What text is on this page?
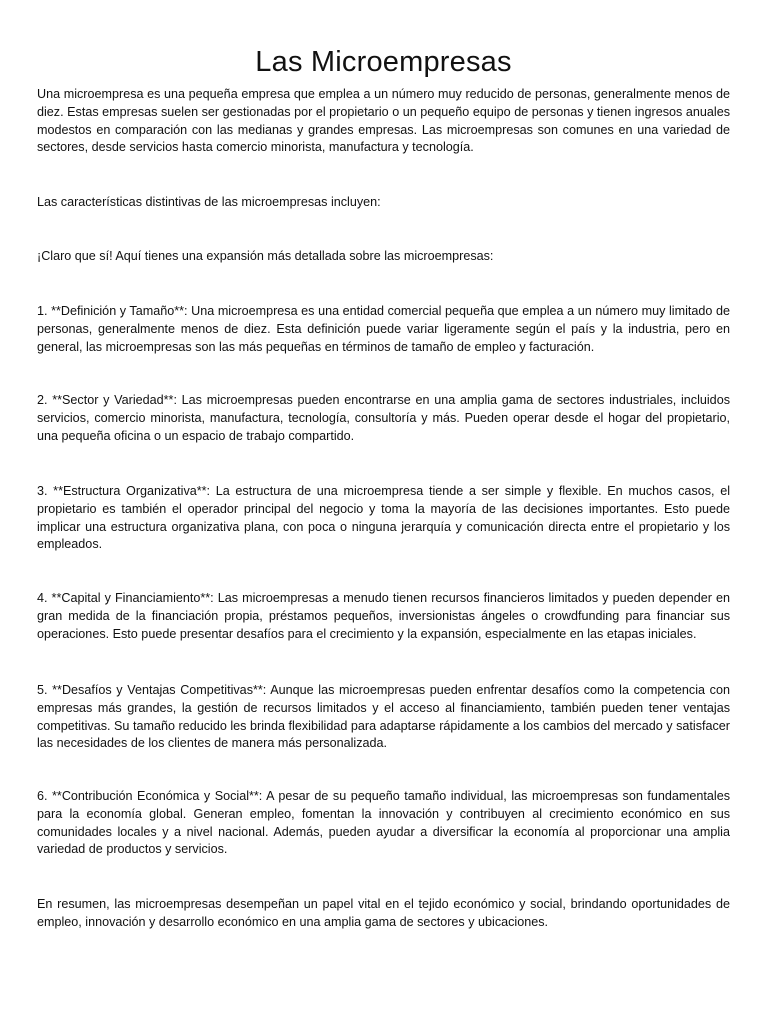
Las Microempresas

Una microempresa es una pequeña empresa que emplea a un número muy reducido de personas, generalmente menos de diez. Estas empresas suelen ser gestionadas por el propietario o un pequeño equipo de personas y tienen ingresos anuales modestos en comparación con las medianas y grandes empresas. Las microempresas son comunes en una variedad de sectores, desde servicios hasta comercio minorista, manufactura y tecnología.

Las características distintivas de las microempresas incluyen:

¡Claro que sí! Aquí tienes una expansión más detallada sobre las microempresas:

1. **Definición y Tamaño**: Una microempresa es una entidad comercial pequeña que emplea a un número muy limitado de personas, generalmente menos de diez. Esta definición puede variar ligeramente según el país y la industria, pero en general, las microempresas son las más pequeñas en términos de tamaño de empleo y facturación.

2. **Sector y Variedad**: Las microempresas pueden encontrarse en una amplia gama de sectores industriales, incluidos servicios, comercio minorista, manufactura, tecnología, consultoría y más. Pueden operar desde el hogar del propietario, una pequeña oficina o un espacio de trabajo compartido.

3. **Estructura Organizativa**: La estructura de una microempresa tiende a ser simple y flexible. En muchos casos, el propietario es también el operador principal del negocio y toma la mayoría de las decisiones importantes. Esto puede implicar una estructura organizativa plana, con poca o ninguna jerarquía y comunicación directa entre el propietario y los empleados.

4. **Capital y Financiamiento**: Las microempresas a menudo tienen recursos financieros limitados y pueden depender en gran medida de la financiación propia, préstamos pequeños, inversionistas ángeles o crowdfunding para financiar sus operaciones. Esto puede presentar desafíos para el crecimiento y la expansión, especialmente en las etapas iniciales.

5. **Desafíos y Ventajas Competitivas**: Aunque las microempresas pueden enfrentar desafíos como la competencia con empresas más grandes, la gestión de recursos limitados y el acceso al financiamiento, también pueden tener ventajas competitivas. Su tamaño reducido les brinda flexibilidad para adaptarse rápidamente a los cambios del mercado y satisfacer las necesidades de los clientes de manera más personalizada.

6. **Contribución Económica y Social**: A pesar de su pequeño tamaño individual, las microempresas son fundamentales para la economía global. Generan empleo, fomentan la innovación y contribuyen al crecimiento económico en sus comunidades locales y a nivel nacional. Además, pueden ayudar a diversificar la economía al proporcionar una amplia variedad de productos y servicios.

En resumen, las microempresas desempeñan un papel vital en el tejido económico y social, brindando oportunidades de empleo, innovación y desarrollo económico en una amplia gama de sectores y ubicaciones.
